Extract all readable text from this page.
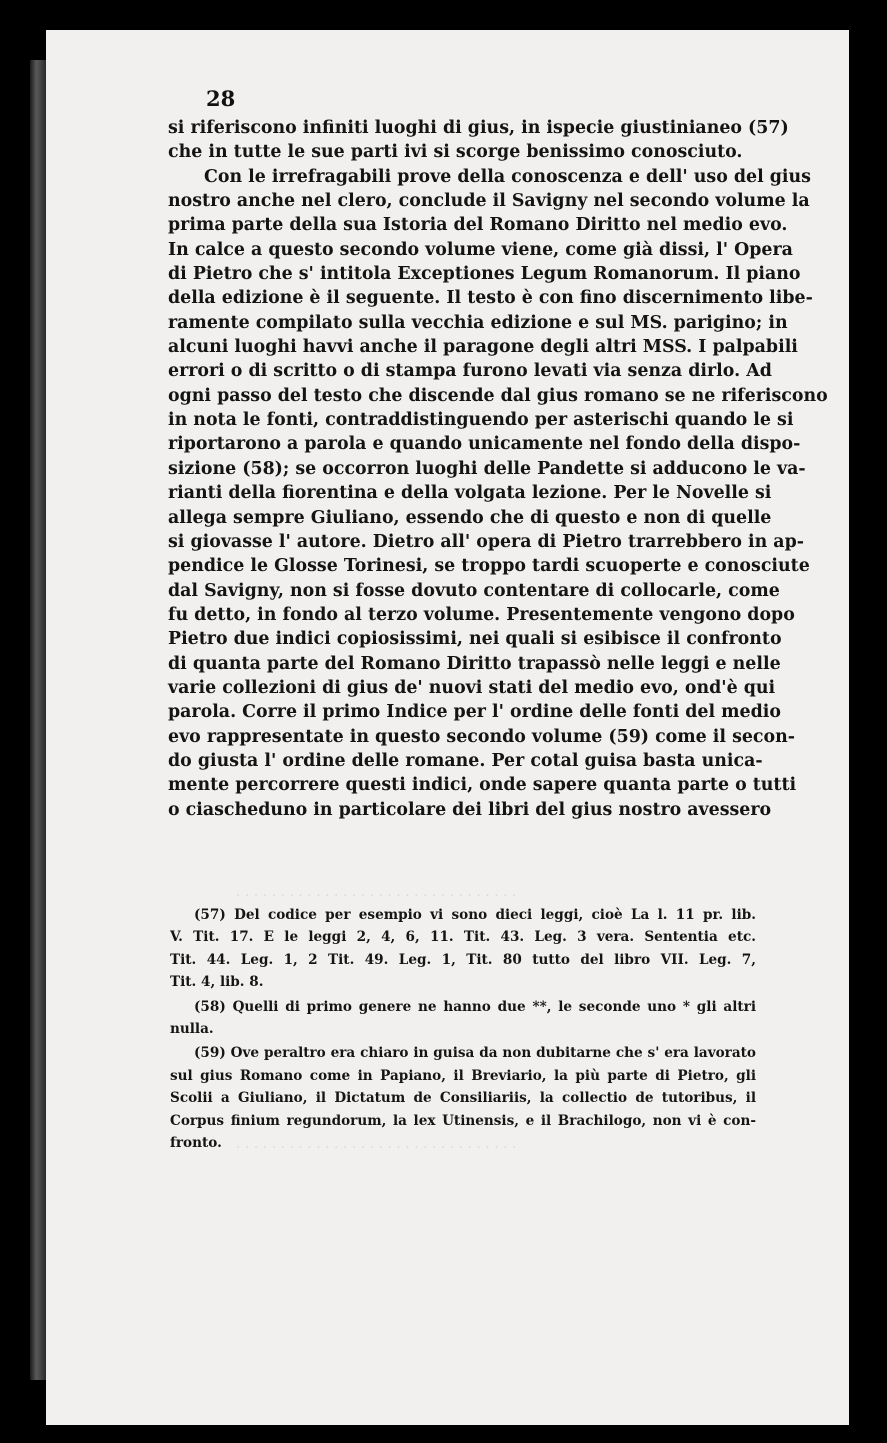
· · · · · · · · · · · · · · · · · · · · · · · · · · · · · · · ·
· · · · · · · · · · · · · · · · · · · · · · · · · · · · · · · ·
28
si riferiscono infiniti luoghi di gius, in ispecie giustinianeo (57)
che in tutte le sue parti ivi si scorge benissimo conosciuto.
Con le irrefragabili prove della conoscenza e dell' uso del gius
nostro anche nel clero, conclude il Savigny nel secondo volume la
prima parte della sua Istoria del Romano Diritto nel medio evo.
In calce a questo secondo volume viene, come già dissi, l' Opera
di Pietro che s' intitola Exceptiones Legum Romanorum. Il piano
della edizione è il seguente. Il testo è con fino discernimento libe-
ramente compilato sulla vecchia edizione e sul MS. parigino; in
alcuni luoghi havvi anche il paragone degli altri MSS. I palpabili
errori o di scritto o di stampa furono levati via senza dirlo. Ad
ogni passo del testo che discende dal gius romano se ne riferiscono
in nota le fonti, contraddistinguendo per asterischi quando le si
riportarono a parola e quando unicamente nel fondo della dispo-
sizione (58); se occorron luoghi delle Pandette si adducono le va-
rianti della fiorentina e della volgata lezione. Per le Novelle si
allega sempre Giuliano, essendo che di questo e non di quelle
si giovasse l' autore. Dietro all' opera di Pietro trarrebbero in ap-
pendice le Glosse Torinesi, se troppo tardi scuoperte e conosciute
dal Savigny, non si fosse dovuto contentare di collocarle, come
fu detto, in fondo al terzo volume. Presentemente vengono dopo
Pietro due indici copiosissimi, nei quali si esibisce il confronto
di quanta parte del Romano Diritto trapassò nelle leggi e nelle
varie collezioni di gius de' nuovi stati del medio evo, ond'è qui
parola. Corre il primo Indice per l' ordine delle fonti del medio
evo rappresentate in questo secondo volume (59) come il secon-
do giusta l' ordine delle romane. Per cotal guisa basta unica-
mente percorrere questi indici, onde sapere quanta parte o tutti
o ciascheduno in particolare dei libri del gius nostro avessero
(57) Del codice per esempio vi sono dieci leggi, cioè La l. 11 pr. lib.
V. Tit. 17. E le leggi 2, 4, 6, 11. Tit. 43. Leg. 3 vera. Sententia etc.
Tit. 44. Leg. 1, 2 Tit. 49. Leg. 1, Tit. 80 tutto del libro VII. Leg. 7,
Tit. 4, lib. 8.
(58) Quelli di primo genere ne hanno due **, le seconde uno * gli altri
nulla.
(59) Ove peraltro era chiaro in guisa da non dubitarne che s' era lavorato
sul gius Romano come in Papiano, il Breviario, la più parte di Pietro, gli
Scolii a Giuliano, il Dictatum de Consiliariis, la collectio de tutoribus, il
Corpus finium regundorum, la lex Utinensis, e il Brachilogo, non vi è con-
fronto.
